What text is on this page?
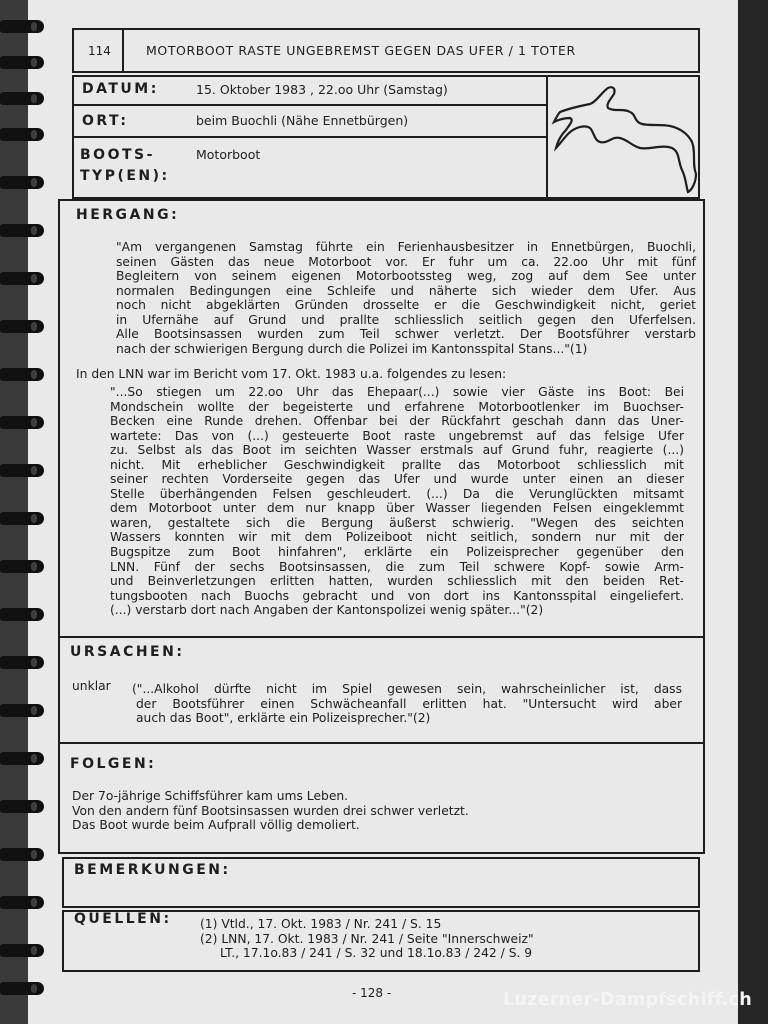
114	MOTORBOOT RASTE UNGEBREMST GEGEN DAS UFER / 1 TOTER
DATUM:	15. Oktober 1983 , 22.oo Uhr (Samstag)
ORT:	beim Buochli (Nähe Ennetbürgen)
BOOTS-
TYP(EN):
Motorboot
HERGANG:
"Am vergangenen Samstag führte ein Ferienhausbesitzer in Ennetbürgen, Buochli,
seinen Gästen das neue Motorboot vor. Er fuhr um ca. 22.oo Uhr mit fünf
Begleitern von seinem eigenen Motorbootssteg weg, zog auf dem See unter
normalen Bedingungen eine Schleife und näherte sich wieder dem Ufer. Aus
noch nicht abgeklärten Gründen drosselte er die Geschwindigkeit nicht, geriet
in Ufernähe auf Grund und prallte schliesslich seitlich gegen den Uferfelsen.
Alle Bootsinsassen wurden zum Teil schwer verletzt. Der Bootsführer verstarb
nach der schwierigen Bergung durch die Polizei im Kantonsspital Stans..."(1)
In den LNN war im Bericht vom 17. Okt. 1983 u.a. folgendes zu lesen:
"...So stiegen um 22.oo Uhr das Ehepaar(...) sowie vier Gäste ins Boot: Bei
Mondschein wollte der begeisterte und erfahrene Motorbootlenker im Buochser-
Becken eine Runde drehen. Offenbar bei der Rückfahrt geschah dann das Uner-
wartete: Das von (...) gesteuerte Boot raste ungebremst auf das felsige Ufer
zu. Selbst als das Boot im seichten Wasser erstmals auf Grund fuhr, reagierte (...)
nicht. Mit erheblicher Geschwindigkeit prallte das Motorboot schliesslich mit
seiner rechten Vorderseite gegen das Ufer und wurde unter einen an dieser
Stelle überhängenden Felsen geschleudert. (...) Da die Verunglückten mitsamt
dem Motorboot unter dem nur knapp über Wasser liegenden Felsen eingeklemmt
waren, gestaltete sich die Bergung äußerst schwierig. "Wegen des seichten
Wassers konnten wir mit dem Polizeiboot nicht seitlich, sondern nur mit der
Bugspitze zum Boot hinfahren", erklärte ein Polizeisprecher gegenüber den
LNN. Fünf der sechs Bootsinsassen, die zum Teil schwere Kopf- sowie Arm-
und Beinverletzungen erlitten hatten, wurden schliesslich mit den beiden Ret-
tungsbooten nach Buochs gebracht und von dort ins Kantonsspital eingeliefert.
(...) verstarb dort nach Angaben der Kantonspolizei wenig später..."(2)
URSACHEN:
unklar ("...Alkohol dürfte nicht im Spiel gewesen sein, wahrscheinlicher ist, dass
der Bootsführer einen Schwächeanfall erlitten hat. "Untersucht wird aber
auch das Boot", erklärte ein Polizeisprecher."(2)
FOLGEN:
Der 7o-jährige Schiffsführer kam ums Leben.
Von den andern fünf Bootsinsassen wurden drei schwer verletzt.
Das Boot wurde beim Aufprall völlig demoliert.
BEMERKUNGEN:
QUELLEN: (1) Vtld., 17. Okt. 1983 / Nr. 241 / S. 15
(2) LNN, 17. Okt. 1983 / Nr. 241 / Seite "Innerschweiz"
LT., 17.1o.83 / 241 / S. 32 und 18.1o.83 / 242 / S. 9
- 128 -	Luzerner-Dampfschiff.ch
